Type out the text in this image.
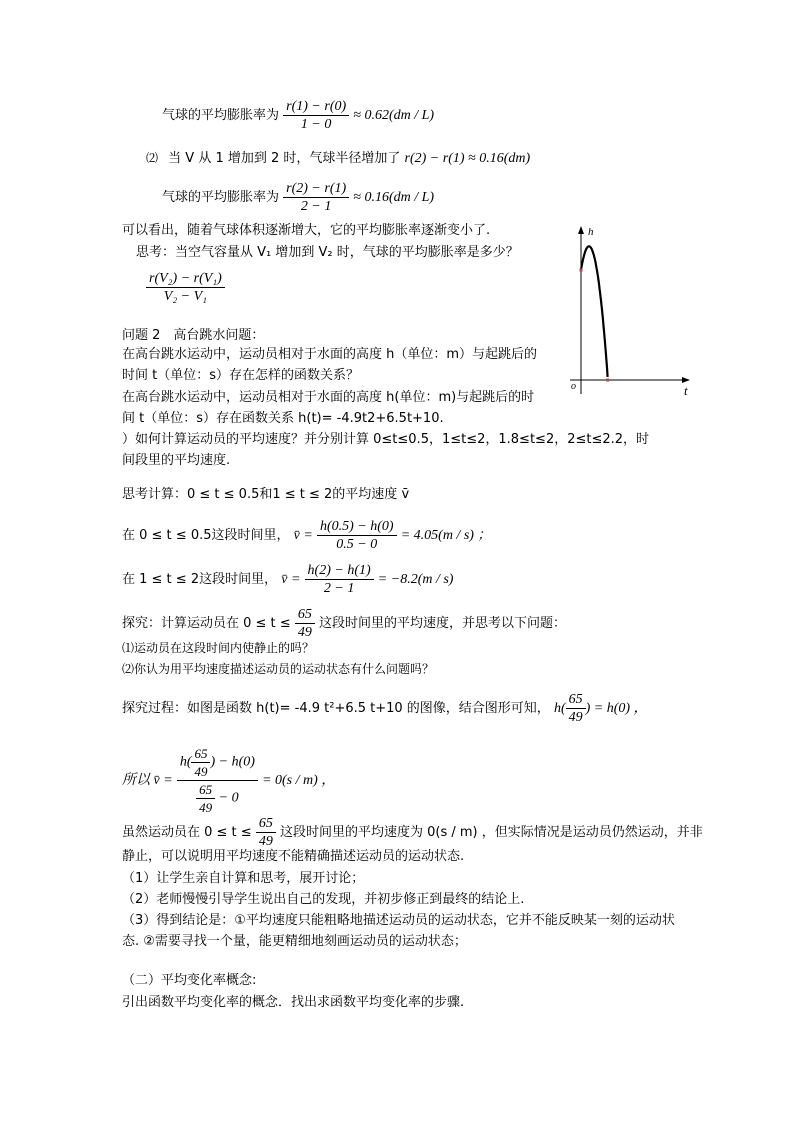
气球的平均膨胀率为 $\frac{r(1) - r(0)}{1 - 0} \approx 0.62(dm / L)$
⑵ 当 V 从 1 增加到 2 时，气球半径增加了 r(2) − r(1) ≈ 0.16(dm)
气球的平均膨胀率为 $\frac{r(2) - r(1)}{2 - 1} \approx 0.16(dm / L)$
可以看出，随着气球体积逐渐增大，它的平均膨胀率逐渐变小了.
思考：当空气容量从 V₁ 增加到 V₂ 时，气球的平均膨胀率是多少？
$\frac{\text{r(V₂) − r(V₁)}}{\text{V₂ − V₁}}$
h
t
o
问题 2　高台跳水问题：
在高台跳水运动中，运动员相对于水面的高度 h（单位：m）与起跳后的
时间 t（单位：s）存在怎样的函数关系？
在高台跳水运动中，运动员相对于水面的高度 h(单位：m)与起跳后的时
间 t（单位：s）存在函数关系 h(t)= -4.9t2+6.5t+10.
）如何计算运动员的平均速度？并分别计算 0≤t≤0.5，1≤t≤2，1.8≤t≤2，2≤t≤2.2，时
间段里的平均速度.
思考计算：0 ≤ t ≤ 0.5和1 ≤ t ≤ 2的平均速度 v̄
在 0 ≤ t ≤ 0.5这段时间里， v̄ = $\frac{h(0.5) - h(0)}{0.5 - 0} = 4.05(m / s)$ ；
在 1 ≤ t ≤ 2这段时间里， v̄ = $\frac{h(2) - h(1)}{2 - 1} = -8.2(m / s)$
探究：计算运动员在 $0 \le t \le \frac{65}{49}$ 这段时间里的平均速度，并思考以下问题：
⑴运动员在这段时间内使静止的吗？
⑵你认为用平均速度描述运动员的运动状态有什么问题吗？
探究过程：如图是函数 h(t)= -4.9 t²+6.5 t+10 的图像，结合图形可知， $h( \frac{65}{49}$ ) = h(0) ，
所以 v̄ = $\frac{h( \frac{65}{49} ) - h(0)}{\frac{65}{49} - 0} = 0(s / m)$ ，
虽然运动员在 $0 \le t \le \frac{65}{49}$ 这段时间里的平均速度为 0(s / m) ，但实际情况是运动员仍然运动，并非
静止，可以说明用平均速度不能精确描述运动员的运动状态.
（1）让学生亲自计算和思考，展开讨论；
（2）老师慢慢引导学生说出自己的发现，并初步修正到最终的结论上.
（3）得到结论是：①平均速度只能粗略地描述运动员的运动状态，它并不能反映某一刻的运动状
态. ②需要寻找一个量，能更精细地刻画运动员的运动状态；
（二）平均变化率概念:
引出函数平均变化率的概念．找出求函数平均变化率的步骤.
